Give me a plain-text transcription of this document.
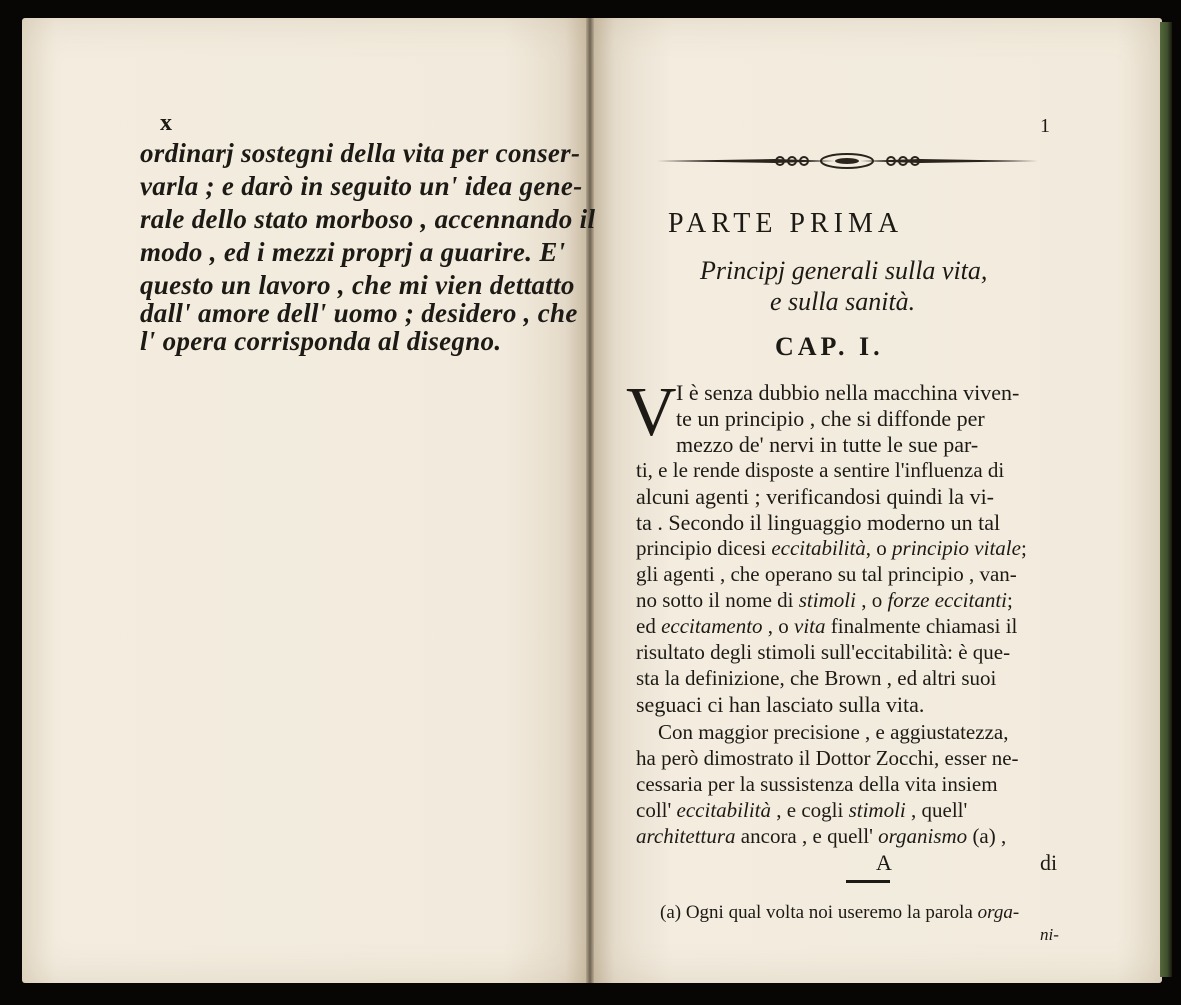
x
ordinarj sostegni della vita per conser-
varla ; e darò in seguito un' idea gene-
rale dello stato morboso , accennando il
modo , ed i mezzi proprj a guarire. E'
questo un lavoro , che mi vien dettatto
dall' amore dell' uomo ; desidero , che
l' opera corrisponda al disegno.
1
PARTE PRIMA
Principj generali sulla vita,
e sulla sanità.
CAP. I.
V I è senza dubbio nella macchina viven-
te un principio , che si diffonde per
mezzo de' nervi in tutte le sue par-
ti, e le rende disposte a sentire l'influenza di
alcuni agenti ; verificandosi quindi la vi-
ta . Secondo il linguaggio moderno un tal
principio dicesi eccitabilità, o principio vitale;
gli agenti , che operano su tal principio , van-
no sotto il nome di stimoli , o forze eccitanti;
ed eccitamento , o vita finalmente chiamasi il
risultato degli stimoli sull'eccitabilità: è que-
sta la definizione, che Brown , ed altri suoi
seguaci ci han lasciato sulla vita.
Con maggior precisione , e aggiustatezza,
ha però dimostrato il Dottor Zocchi, esser ne-
cessaria per la sussistenza della vita insiem
coll' eccitabilità , e cogli stimoli , quell'
architettura ancora , e quell' organismo (a) ,
A	di
(a) Ogni qual volta noi useremo la parola orga-
ni-
